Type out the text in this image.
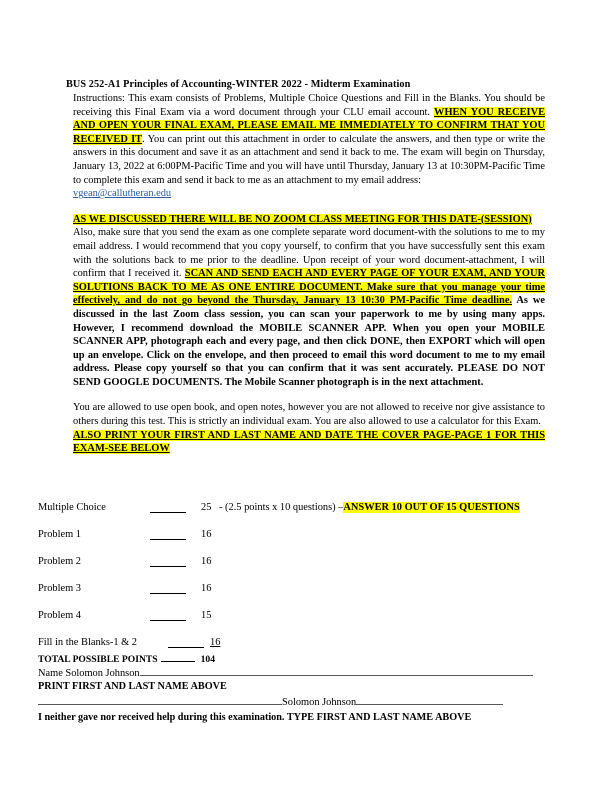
BUS 252-A1 Principles of Accounting-WINTER 2022 - Midterm Examination

Instructions: This exam consists of Problems, Multiple Choice Questions and Fill in the Blanks. You should be receiving this Final Exam via a word document through your CLU email account. WHEN YOU RECEIVE AND OPEN YOUR FINAL EXAM, PLEASE EMAIL ME IMMEDIATELY TO CONFIRM THAT YOU RECEIVED IT. You can print out this attachment in order to calculate the answers, and then type or write the answers in this document and save it as an attachment and send it back to me. The exam will begin on Thursday, January 13, 2022 at 6:00PM-Pacific Time and you will have until Thursday, January 13 at 10:30PM-Pacific Time to complete this exam and send it back to me as an attachment to my email address:

vgean@callutheran.edu

AS WE DISCUSSED THERE WILL BE NO ZOOM CLASS MEETING FOR THIS DATE-(SESSION)

Also, make sure that you send the exam as one complete separate word document-with the solutions to me to my email address. I would recommend that you copy yourself, to confirm that you have successfully sent this exam with the solutions back to me prior to the deadline. Upon receipt of your word document-attachment, I will confirm that I received it. SCAN AND SEND EACH AND EVERY PAGE OF YOUR EXAM, AND YOUR SOLUTIONS BACK TO ME AS ONE ENTIRE DOCUMENT. Make sure that you manage your time effectively, and do not go beyond the Thursday, January 13 10:30 PM-Pacific Time deadline. As we discussed in the last Zoom class session, you can scan your paperwork to me by using many apps. However, I recommend download the MOBILE SCANNER APP. When you open your MOBILE SCANNER APP, photograph each and every page, and then click DONE, then EXPORT which will open up an envelope. Click on the envelope, and then proceed to email this word document to me to my email address. Please copy yourself so that you can confirm that it was sent accurately. PLEASE DO NOT SEND GOOGLE DOCUMENTS. The Mobile Scanner photograph is in the next attachment.

You are allowed to use open book, and open notes, however you are not allowed to receive nor give assistance to others during this test. This is strictly an individual exam. You are also allowed to use a calculator for this Exam.

ALSO PRINT YOUR FIRST AND LAST NAME AND DATE THE COVER PAGE-PAGE 1 FOR THIS EXAM-SEE BELOW

Multiple Choice	25 - (2.5 points x 10 questions) –ANSWER 10 OUT OF 15 QUESTIONS
Problem 1	16
Problem 2	16
Problem 3	16
Problem 4	15
Fill in the Blanks-1 & 2	16
TOTAL POSSIBLE POINTS	104
Name Solomon Johnson
PRINT FIRST AND LAST NAME ABOVE
Solomon Johnson
I neither gave nor received help during this examination. TYPE FIRST AND LAST NAME ABOVE
